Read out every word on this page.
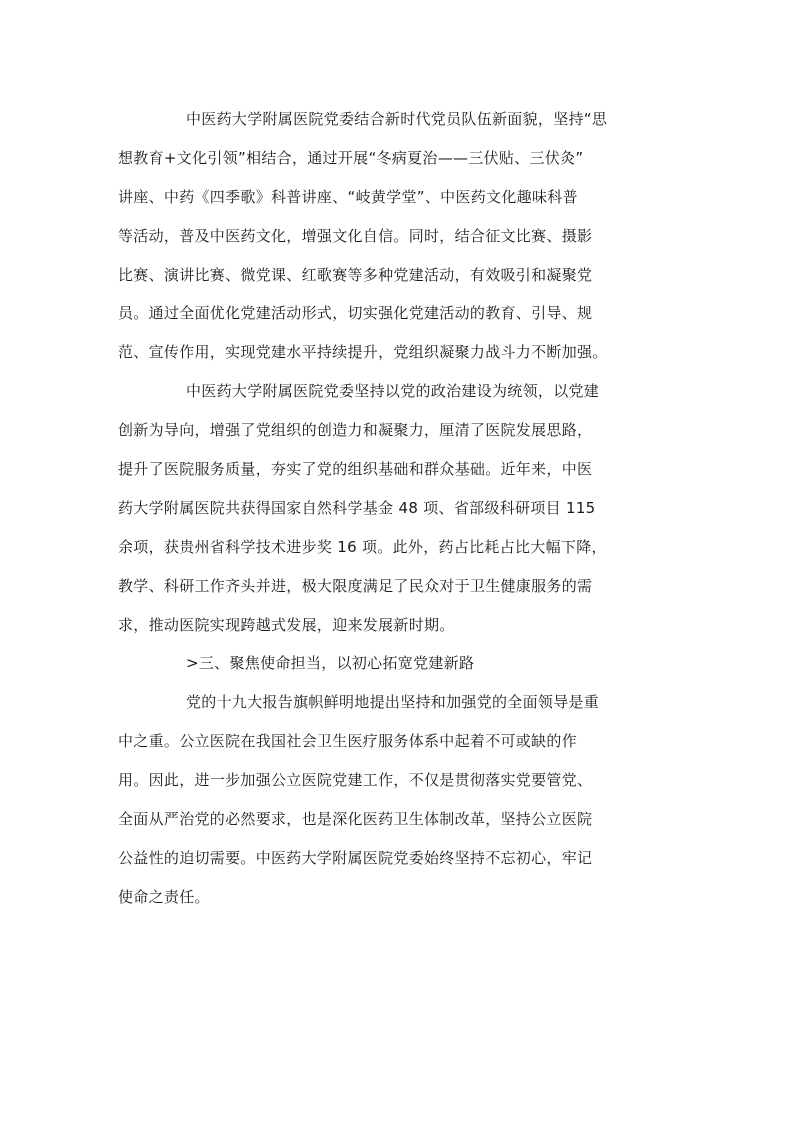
中医药大学附属医院党委结合新时代党员队伍新面貌，坚持“思
想教育+文化引领”相结合，通过开展“冬病夏治——三伏贴、三伏灸”
讲座、中药《四季歌》科普讲座、“岐黄学堂”、中医药文化趣味科普
等活动，普及中医药文化，增强文化自信。同时，结合征文比赛、摄影
比赛、演讲比赛、微党课、红歌赛等多种党建活动，有效吸引和凝聚党
员。通过全面优化党建活动形式，切实强化党建活动的教育、引导、规
范、宣传作用，实现党建水平持续提升，党组织凝聚力战斗力不断加强。
中医药大学附属医院党委坚持以党的政治建设为统领，以党建
创新为导向，增强了党组织的创造力和凝聚力，厘清了医院发展思路，
提升了医院服务质量，夯实了党的组织基础和群众基础。近年来，中医
药大学附属医院共获得国家自然科学基金 48 项、省部级科研项目 115
余项，获贵州省科学技术进步奖 16 项。此外，药占比耗占比大幅下降，
教学、科研工作齐头并进，极大限度满足了民众对于卫生健康服务的需
求，推动医院实现跨越式发展，迎来发展新时期。
>三、聚焦使命担当，以初心拓宽党建新路
党的十九大报告旗帜鲜明地提出坚持和加强党的全面领导是重
中之重。公立医院在我国社会卫生医疗服务体系中起着不可或缺的作
用。因此，进一步加强公立医院党建工作，不仅是贯彻落实党要管党、
全面从严治党的必然要求，也是深化医药卫生体制改革，坚持公立医院
公益性的迫切需要。中医药大学附属医院党委始终坚持不忘初心，牢记
使命之责任。
